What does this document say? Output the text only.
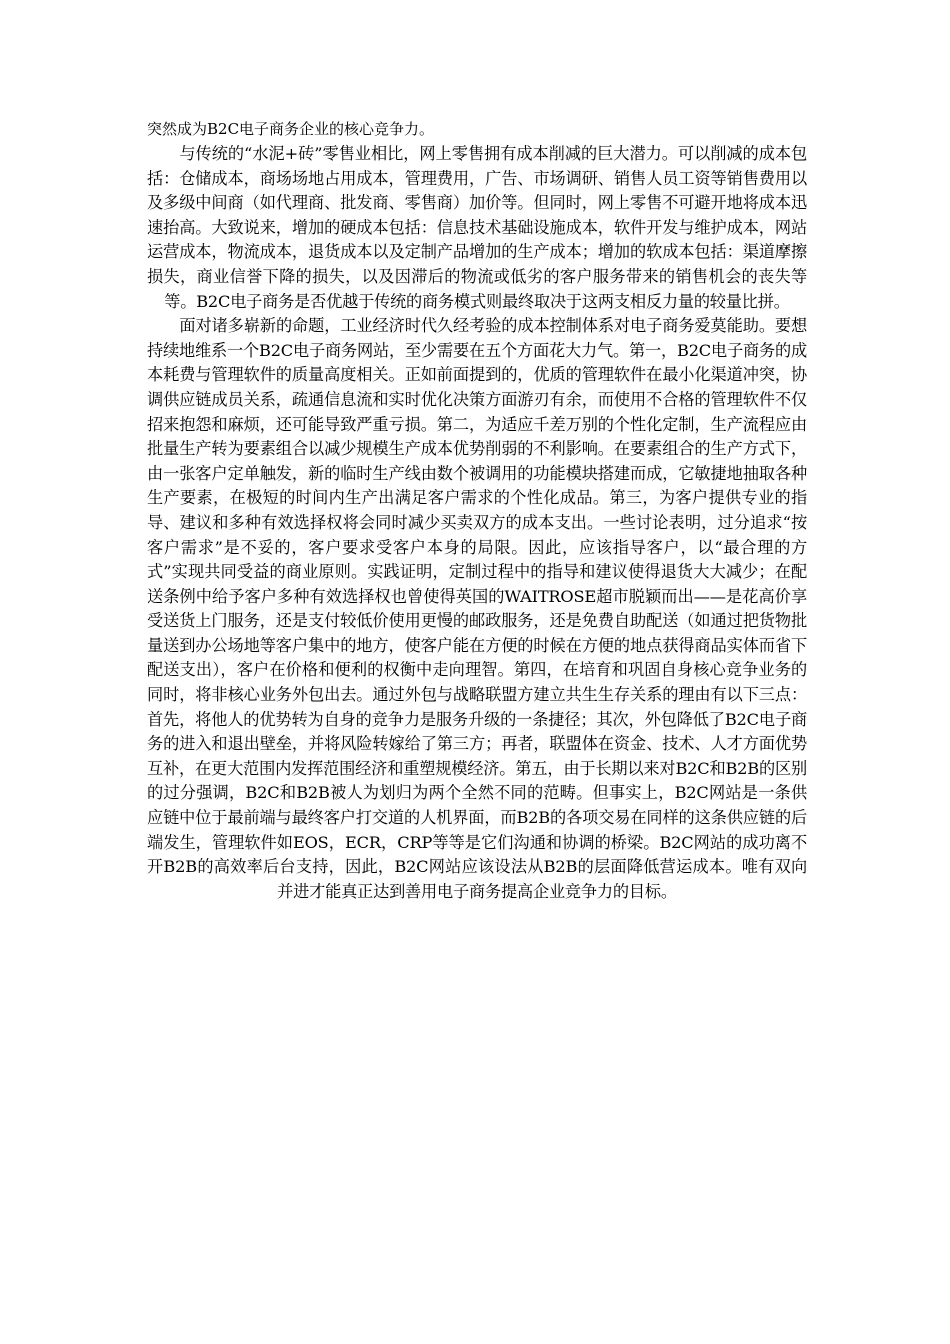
突然成为B2C电子商务企业的核心竞争力。

与传统的“水泥+砖”零售业相比，网上零售拥有成本削减的巨大潜力。可以削减的成本包括：仓储成本，商场场地占用成本，管理费用，广告、市场调研、销售人员工资等销售费用以及多级中间商（如代理商、批发商、零售商）加价等。但同时，网上零售不可避开地将成本迅速抬高。大致说来，增加的硬成本包括：信息技术基础设施成本，软件开发与维护成本，网站运营成本，物流成本，退货成本以及定制产品增加的生产成本；增加的软成本包括：渠道摩擦损失，商业信誉下降的损失，以及因滞后的物流或低劣的客户服务带来的销售机会的丧失等等。B2C电子商务是否优越于传统的商务模式则最终取决于这两支相反力量的较量比拼。

面对诸多崭新的命题，工业经济时代久经考验的成本控制体系对电子商务爱莫能助。要想持续地维系一个B2C电子商务网站，至少需要在五个方面花大力气。第一，B2C电子商务的成本耗费与管理软件的质量高度相关。正如前面提到的，优质的管理软件在最小化渠道冲突，协调供应链成员关系，疏通信息流和实时优化决策方面游刃有余，而使用不合格的管理软件不仅招来抱怨和麻烦，还可能导致严重亏损。第二，为适应千差万别的个性化定制，生产流程应由批量生产转为要素组合以减少规模生产成本优势削弱的不利影响。在要素组合的生产方式下，由一张客户定单触发，新的临时生产线由数个被调用的功能模块搭建而成，它敏捷地抽取各种生产要素，在极短的时间内生产出满足客户需求的个性化成品。第三，为客户提供专业的指导、建议和多种有效选择权将会同时减少买卖双方的成本支出。一些讨论表明，过分追求“按客户需求”是不妥的，客户要求受客户本身的局限。因此，应该指导客户，以“最合理的方式”实现共同受益的商业原则。实践证明，定制过程中的指导和建议使得退货大大减少；在配送条例中给予客户多种有效选择权也曾使得英国的WAITROSE超市脱颖而出——是花高价享受送货上门服务，还是支付较低价使用更慢的邮政服务，还是免费自助配送（如通过把货物批量送到办公场地等客户集中的地方，使客户能在方便的时候在方便的地点获得商品实体而省下配送支出），客户在价格和便利的权衡中走向理智。第四，在培育和巩固自身核心竞争业务的同时，将非核心业务外包出去。通过外包与战略联盟方建立共生生存关系的理由有以下三点：首先，将他人的优势转为自身的竞争力是服务升级的一条捷径；其次，外包降低了B2C电子商务的进入和退出壁垒，并将风险转嫁给了第三方；再者，联盟体在资金、技术、人才方面优势互补，在更大范围内发挥范围经济和重塑规模经济。第五，由于长期以来对B2C和B2B的区别的过分强调，B2C和B2B被人为划归为两个全然不同的范畴。但事实上，B2C网站是一条供应链中位于最前端与最终客户打交道的人机界面，而B2B的各项交易在同样的这条供应链的后端发生，管理软件如EOS，ECR，CRP等等是它们沟通和协调的桥梁。B2C网站的成功离不开B2B的高效率后台支持，因此，B2C网站应该设法从B2B的层面降低营运成本。唯有双向并进才能真正达到善用电子商务提高企业竞争力的目标。
